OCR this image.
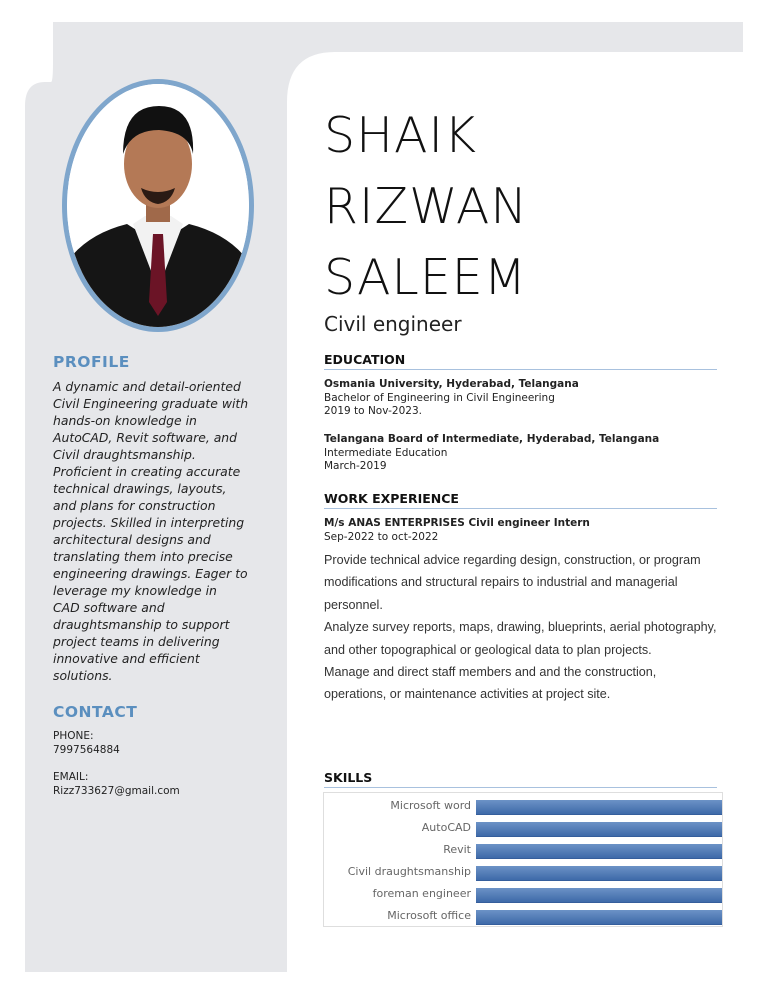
SHAIK
RIZWAN
SALEEM
Civil engineer
PROFILE
A dynamic and detail-oriented
Civil Engineering graduate with
hands-on knowledge in
AutoCAD, Revit software, and
Civil draughtsmanship.
Proficient in creating accurate
technical drawings, layouts,
and plans for construction
projects. Skilled in interpreting
architectural designs and
translating them into precise
engineering drawings. Eager to
leverage my knowledge in
CAD software and
draughtsmanship to support
project teams in delivering
innovative and efficient
solutions.
CONTACT
PHONE:
7997564884
EMAIL:
Rizz733627@gmail.com
EDUCATION
Osmania University, Hyderabad, Telangana
Bachelor of Engineering in Civil Engineering
2019 to Nov-2023.
Telangana Board of Intermediate, Hyderabad, Telangana
Intermediate Education
March-2019
WORK EXPERIENCE
M/s ANAS ENTERPRISES Civil engineer Intern
Sep-2022 to oct-2022

Provide technical advice regarding design, construction, or program modifications and structural repairs to industrial and managerial personnel.

Analyze survey reports, maps, drawing, blueprints, aerial photography, and other topographical or geological data to plan projects.

Manage and direct staff members and and the construction, operations, or maintenance activities at project site.

SKILLS
Microsoft word
AutoCAD
Revit
Civil draughtsmanship
foreman engineer
Microsoft office
